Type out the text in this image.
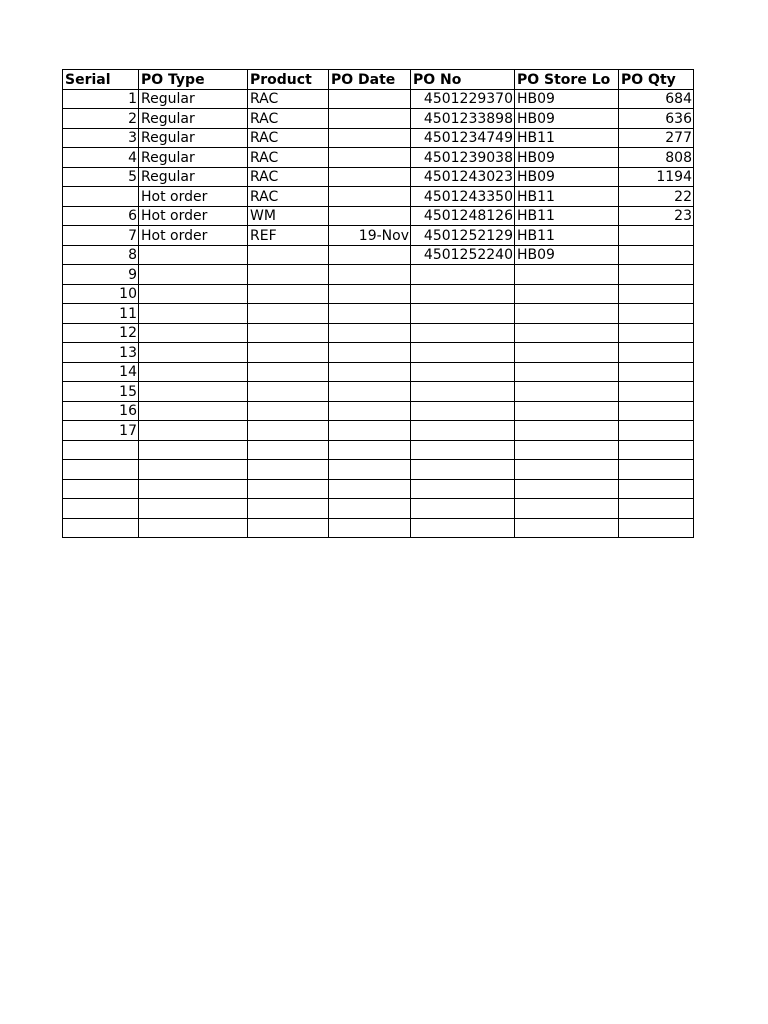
Serial	PO Type	Product	PO Date	PO No	PO Store Lo	PO Qty
1	Regular	RAC		4501229370	HB09	684
2	Regular	RAC		4501233898	HB09	636
3	Regular	RAC		4501234749	HB11	277
4	Regular	RAC		4501239038	HB09	808
5	Regular	RAC		4501243023	HB09	1194
	Hot order	RAC		4501243350	HB11	22
6	Hot order	WM		4501248126	HB11	23
7	Hot order	REF	19-Nov	4501252129	HB11	
8				4501252240	HB09	
9						
10						
11						
12						
13						
14						
15						
16						
17						
